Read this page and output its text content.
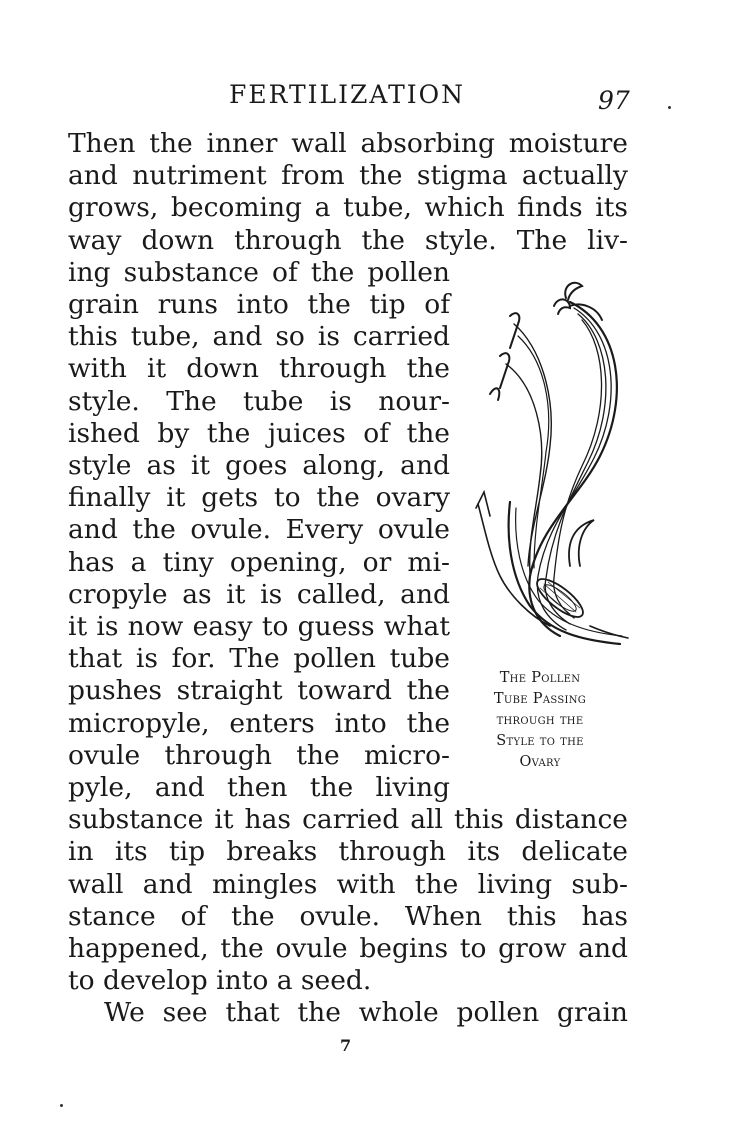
FERTILIZATION	97
Then the inner wall absorbing moisture
and nutriment from the stigma actually
grows, becoming a tube, which finds its
way down through the style. The liv-
ing substance of the pollen
grain runs into the tip of
this tube, and so is carried
with it down through the
style. The tube is nour-
ished by the juices of the
style as it goes along, and
finally it gets to the ovary
and the ovule. Every ovule
has a tiny opening, or mi-
cropyle as it is called, and
it is now easy to guess what
that is for. The pollen tube
pushes straight toward the
micropyle, enters into the
ovule through the micro-
pyle, and then the living
substance it has carried all this distance
in its tip breaks through its delicate
wall and mingles with the living sub-
stance of the ovule. When this has
happened, the ovule begins to grow and
to develop into a seed.

We see that the whole pollen grain

The Pollen
Tube Passing
through the
Style to the
Ovary
7
